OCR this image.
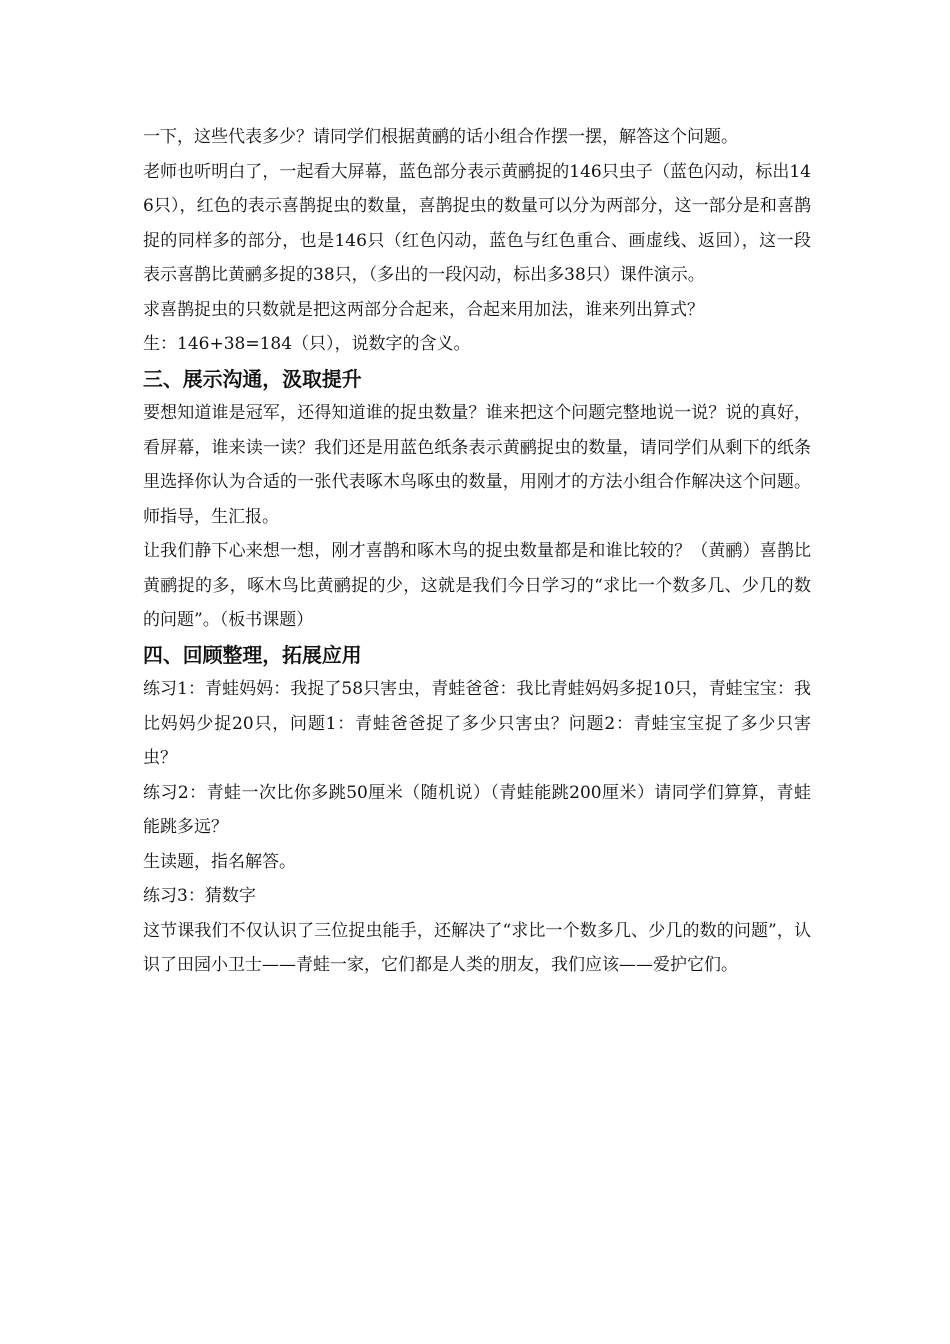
一下，这些代表多少？请同学们根据黄鹂的话小组合作摆一摆，解答这个问题。

老师也听明白了，一起看大屏幕，蓝色部分表示黄鹂捉的146只虫子（蓝色闪动，标出146只），红色的表示喜鹊捉虫的数量，喜鹊捉虫的数量可以分为两部分，这一部分是和喜鹊捉的同样多的部分，也是146只（红色闪动，蓝色与红色重合、画虚线、返回），这一段表示喜鹊比黄鹂多捉的38只，（多出的一段闪动，标出多38只）课件演示。

求喜鹊捉虫的只数就是把这两部分合起来，合起来用加法，谁来列出算式？

生：146+38=184（只），说数字的含义。

三、展示沟通，汲取提升

要想知道谁是冠军，还得知道谁的捉虫数量？谁来把这个问题完整地说一说？说的真好，看屏幕，谁来读一读？我们还是用蓝色纸条表示黄鹂捉虫的数量，请同学们从剩下的纸条里选择你认为合适的一张代表啄木鸟啄虫的数量，用刚才的方法小组合作解决这个问题。师指导，生汇报。

让我们静下心来想一想，刚才喜鹊和啄木鸟的捉虫数量都是和谁比较的？（黄鹂）喜鹊比黄鹂捉的多，啄木鸟比黄鹂捉的少，这就是我们今日学习的“求比一个数多几、少几的数的问题”。（板书课题）

四、回顾整理，拓展应用

练习1：青蛙妈妈：我捉了58只害虫，青蛙爸爸：我比青蛙妈妈多捉10只，青蛙宝宝：我比妈妈少捉20只，问题1：青蛙爸爸捉了多少只害虫？问题2：青蛙宝宝捉了多少只害虫？

练习2：青蛙一次比你多跳50厘米（随机说）（青蛙能跳200厘米）请同学们算算，青蛙能跳多远？

生读题，指名解答。

练习3：猜数字

这节课我们不仅认识了三位捉虫能手，还解决了“求比一个数多几、少几的数的问题”，认识了田园小卫士——青蛙一家，它们都是人类的朋友，我们应该——爱护它们。
